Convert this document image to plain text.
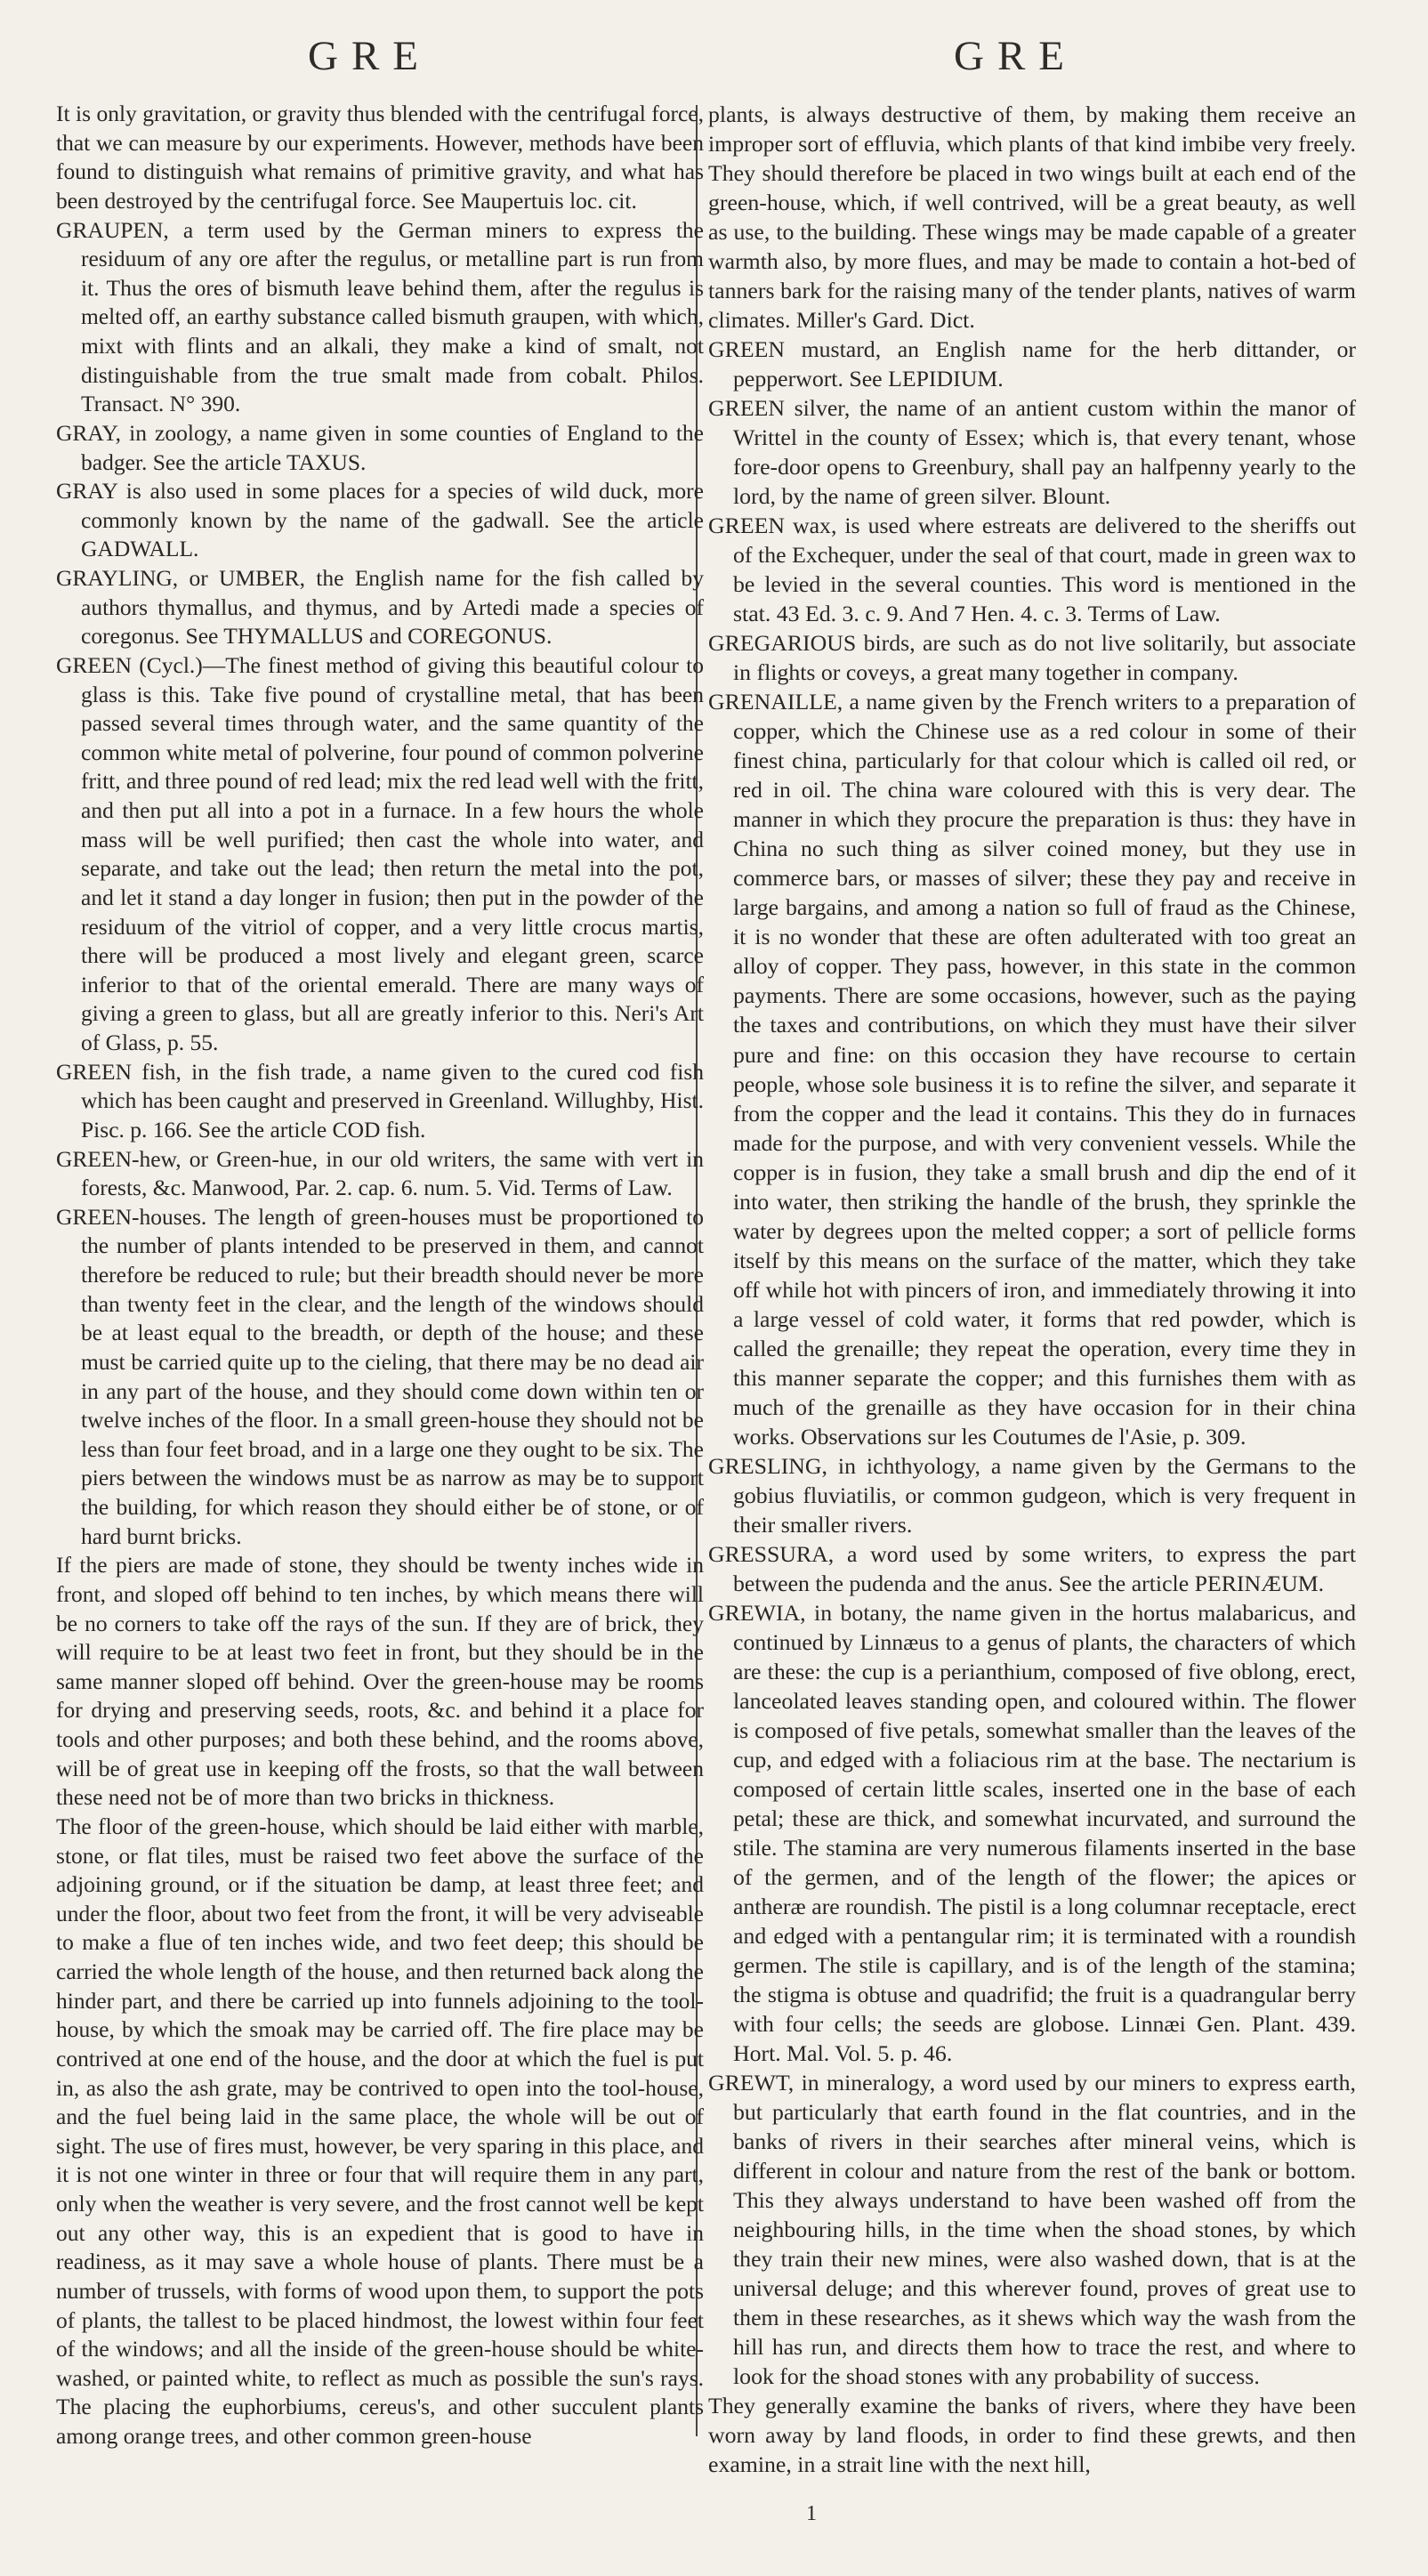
GRE	GRE

It is only gravitation, or gravity thus blended with the centrifugal force, that we can measure by our experiments. However, methods have been found to distinguish what remains of primitive gravity, and what has been destroyed by the centrifugal force. See Maupertuis loc. cit.

GRAUPEN, a term used by the German miners to express the residuum of any ore after the regulus, or metalline part is run from it. Thus the ores of bismuth leave behind them, after the regulus is melted off, an earthy substance called bismuth graupen, with which, mixt with flints and an alkali, they make a kind of smalt, not distinguishable from the true smalt made from cobalt. Philos. Transact. N° 390.

GRAY, in zoology, a name given in some counties of England to the badger. See the article TAXUS.

GRAY is also used in some places for a species of wild duck, more commonly known by the name of the gadwall. See the article GADWALL.

GRAYLING, or UMBER, the English name for the fish called by authors thymallus, and thymus, and by Artedi made a species of coregonus. See THYMALLUS and COREGONUS.

GREEN (Cycl.)—The finest method of giving this beautiful colour to glass is this. Take five pound of crystalline metal, that has been passed several times through water, and the same quantity of the common white metal of polverine, four pound of common polverine fritt, and three pound of red lead; mix the red lead well with the fritt, and then put all into a pot in a furnace. In a few hours the whole mass will be well purified; then cast the whole into water, and separate, and take out the lead; then return the metal into the pot, and let it stand a day longer in fusion; then put in the powder of the residuum of the vitriol of copper, and a very little crocus martis, there will be produced a most lively and elegant green, scarce inferior to that of the oriental emerald. There are many ways of giving a green to glass, but all are greatly inferior to this. Neri's Art of Glass, p. 55.

GREEN fish, in the fish trade, a name given to the cured cod fish which has been caught and preserved in Greenland. Willughby, Hist. Pisc. p. 166. See the article COD fish.

GREEN-hew, or Green-hue, in our old writers, the same with vert in forests, &c. Manwood, Par. 2. cap. 6. num. 5. Vid. Terms of Law.

GREEN-houses. The length of green-houses must be proportioned to the number of plants intended to be preserved in them, and cannot therefore be reduced to rule; but their breadth should never be more than twenty feet in the clear, and the length of the windows should be at least equal to the breadth, or depth of the house; and these must be carried quite up to the cieling, that there may be no dead air in any part of the house, and they should come down within ten or twelve inches of the floor. In a small green-house they should not be less than four feet broad, and in a large one they ought to be six. The piers between the windows must be as narrow as may be to support the building, for which reason they should either be of stone, or of hard burnt bricks.

If the piers are made of stone, they should be twenty inches wide in front, and sloped off behind to ten inches, by which means there will be no corners to take off the rays of the sun. If they are of brick, they will require to be at least two feet in front, but they should be in the same manner sloped off behind. Over the green-house may be rooms for drying and preserving seeds, roots, &c. and behind it a place for tools and other purposes; and both these behind, and the rooms above, will be of great use in keeping off the frosts, so that the wall between these need not be of more than two bricks in thickness.

The floor of the green-house, which should be laid either with marble, stone, or flat tiles, must be raised two feet above the surface of the adjoining ground, or if the situation be damp, at least three feet; and under the floor, about two feet from the front, it will be very adviseable to make a flue of ten inches wide, and two feet deep; this should be carried the whole length of the house, and then returned back along the hinder part, and there be carried up into funnels adjoining to the tool-house, by which the smoak may be carried off. The fire place may be contrived at one end of the house, and the door at which the fuel is put in, as also the ash grate, may be contrived to open into the tool-house, and the fuel being laid in the same place, the whole will be out of sight. The use of fires must, however, be very sparing in this place, and it is not one winter in three or four that will require them in any part, only when the weather is very severe, and the frost cannot well be kept out any other way, this is an expedient that is good to have in readiness, as it may save a whole house of plants. There must be a number of trussels, with forms of wood upon them, to support the pots of plants, the tallest to be placed hindmost, the lowest within four feet of the windows; and all the inside of the green-house should be white-washed, or painted white, to reflect as much as possible the sun's rays. The placing the euphorbiums, cereus's, and other succulent plants among orange trees, and other common green-house

plants, is always destructive of them, by making them receive an improper sort of effluvia, which plants of that kind imbibe very freely. They should therefore be placed in two wings built at each end of the green-house, which, if well contrived, will be a great beauty, as well as use, to the building. These wings may be made capable of a greater warmth also, by more flues, and may be made to contain a hot-bed of tanners bark for the raising many of the tender plants, natives of warm climates. Miller's Gard. Dict.

GREEN mustard, an English name for the herb dittander, or pepperwort. See LEPIDIUM.

GREEN silver, the name of an antient custom within the manor of Writtel in the county of Essex; which is, that every tenant, whose fore-door opens to Greenbury, shall pay an halfpenny yearly to the lord, by the name of green silver. Blount.

GREEN wax, is used where estreats are delivered to the sheriffs out of the Exchequer, under the seal of that court, made in green wax to be levied in the several counties. This word is mentioned in the stat. 43 Ed. 3. c. 9. And 7 Hen. 4. c. 3. Terms of Law.

GREGARIOUS birds, are such as do not live solitarily, but associate in flights or coveys, a great many together in company.

GRENAILLE, a name given by the French writers to a preparation of copper, which the Chinese use as a red colour in some of their finest china, particularly for that colour which is called oil red, or red in oil. The china ware coloured with this is very dear. The manner in which they procure the preparation is thus: they have in China no such thing as silver coined money, but they use in commerce bars, or masses of silver; these they pay and receive in large bargains, and among a nation so full of fraud as the Chinese, it is no wonder that these are often adulterated with too great an alloy of copper. They pass, however, in this state in the common payments. There are some occasions, however, such as the paying the taxes and contributions, on which they must have their silver pure and fine: on this occasion they have recourse to certain people, whose sole business it is to refine the silver, and separate it from the copper and the lead it contains. This they do in furnaces made for the purpose, and with very convenient vessels. While the copper is in fusion, they take a small brush and dip the end of it into water, then striking the handle of the brush, they sprinkle the water by degrees upon the melted copper; a sort of pellicle forms itself by this means on the surface of the matter, which they take off while hot with pincers of iron, and immediately throwing it into a large vessel of cold water, it forms that red powder, which is called the grenaille; they repeat the operation, every time they in this manner separate the copper; and this furnishes them with as much of the grenaille as they have occasion for in their china works. Observations sur les Coutumes de l'Asie, p. 309.

GRESLING, in ichthyology, a name given by the Germans to the gobius fluviatilis, or common gudgeon, which is very frequent in their smaller rivers.

GRESSURA, a word used by some writers, to express the part between the pudenda and the anus. See the article PERINÆUM.

GREWIA, in botany, the name given in the hortus malabaricus, and continued by Linnæus to a genus of plants, the characters of which are these: the cup is a perianthium, composed of five oblong, erect, lanceolated leaves standing open, and coloured within. The flower is composed of five petals, somewhat smaller than the leaves of the cup, and edged with a foliacious rim at the base. The nectarium is composed of certain little scales, inserted one in the base of each petal; these are thick, and somewhat incurvated, and surround the stile. The stamina are very numerous filaments inserted in the base of the germen, and of the length of the flower; the apices or antheræ are roundish. The pistil is a long columnar receptacle, erect and edged with a pentangular rim; it is terminated with a roundish germen. The stile is capillary, and is of the length of the stamina; the stigma is obtuse and quadrifid; the fruit is a quadrangular berry with four cells; the seeds are globose. Linnæi Gen. Plant. 439. Hort. Mal. Vol. 5. p. 46.

GREWT, in mineralogy, a word used by our miners to express earth, but particularly that earth found in the flat countries, and in the banks of rivers in their searches after mineral veins, which is different in colour and nature from the rest of the bank or bottom. This they always understand to have been washed off from the neighbouring hills, in the time when the shoad stones, by which they train their new mines, were also washed down, that is at the universal deluge; and this wherever found, proves of great use to them in these researches, as it shews which way the wash from the hill has run, and directs them how to trace the rest, and where to look for the shoad stones with any probability of success.

They generally examine the banks of rivers, where they have been worn away by land floods, in order to find these grewts, and then examine, in a strait line with the next hill,

1
